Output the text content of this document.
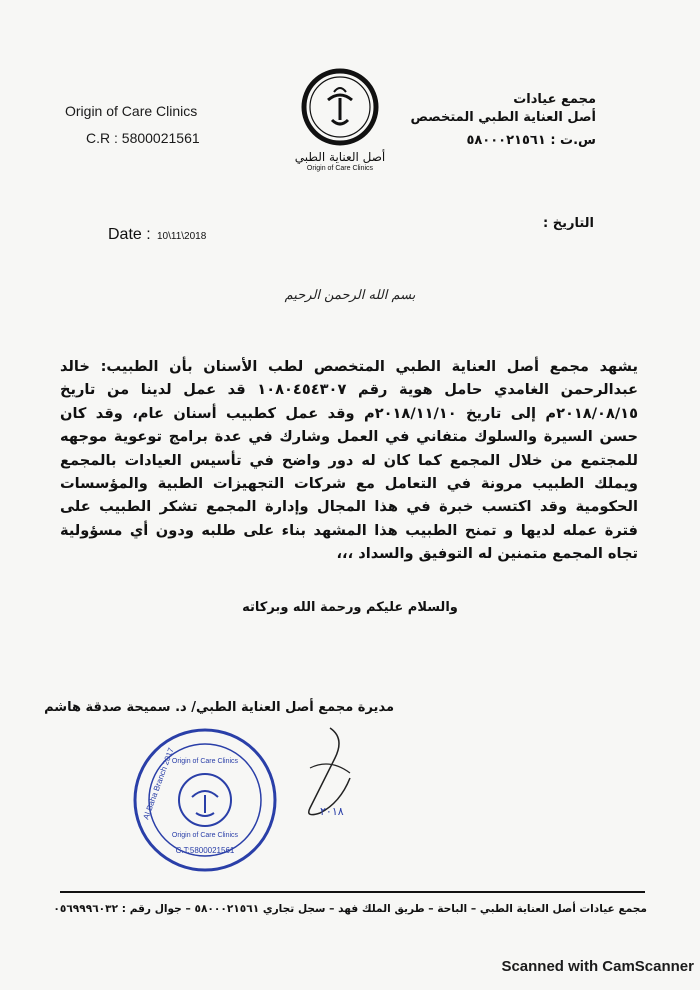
Origin of Care Clinics
C.R : 5800021561
مجمع عيادات
أصل العناية الطبي المتخصص
س.ت : ٥٨٠٠٠٢١٥٦١
أصل العناية الطبي
Origin of Care Clinics
Date : 10\11\2018
التاريخ :
بسم الله الرحمن الرحيم
يشهد مجمع أصل العناية الطبي المتخصص لطب الأسنان بأن الطبيب: خالد عبدالرحمن الغامدي حامل هوية رقم ١٠٨٠٤٥٤٣٠٧ قد عمل لدينا من تاريخ ٢٠١٨/٠٨/١٥م إلى تاريخ ٢٠١٨/١١/١٠م وقد عمل كطبيب أسنان عام، وقد كان حسن السيرة والسلوك متفاني في العمل وشارك في عدة برامج توعوية موجهه للمجتمع من خلال المجمع كما كان له دور واضح في تأسيس العيادات بالمجمع ويملك الطبيب مرونة في التعامل مع شركات التجهيزات الطبية والمؤسسات الحكومية وقد اكتسب خبرة في هذا المجال وإدارة المجمع تشكر الطبيب على فترة عمله لديها و تمنح الطبيب هذا المشهد بناء على طلبه ودون أي مسؤولية تجاه المجمع متمنين له التوفيق والسداد ،،،
والسلام عليكم ورحمة الله وبركاته
مديرة مجمع أصل العناية الطبي/ د. سميحة صدقة هاشم
Origin of Care Clinics
C.T:5800021561
Al Baha Branch 2017
Origin of Care Clinics
٢٠١٨
مجمع عيادات أصل العناية الطبي – الباحة – طريق الملك فهد – سجل تجاري ٥٨٠٠٠٢١٥٦١ – جوال رقم : ٠٥٦٩٩٩٦٠٣٢
Scanned with CamScanner
